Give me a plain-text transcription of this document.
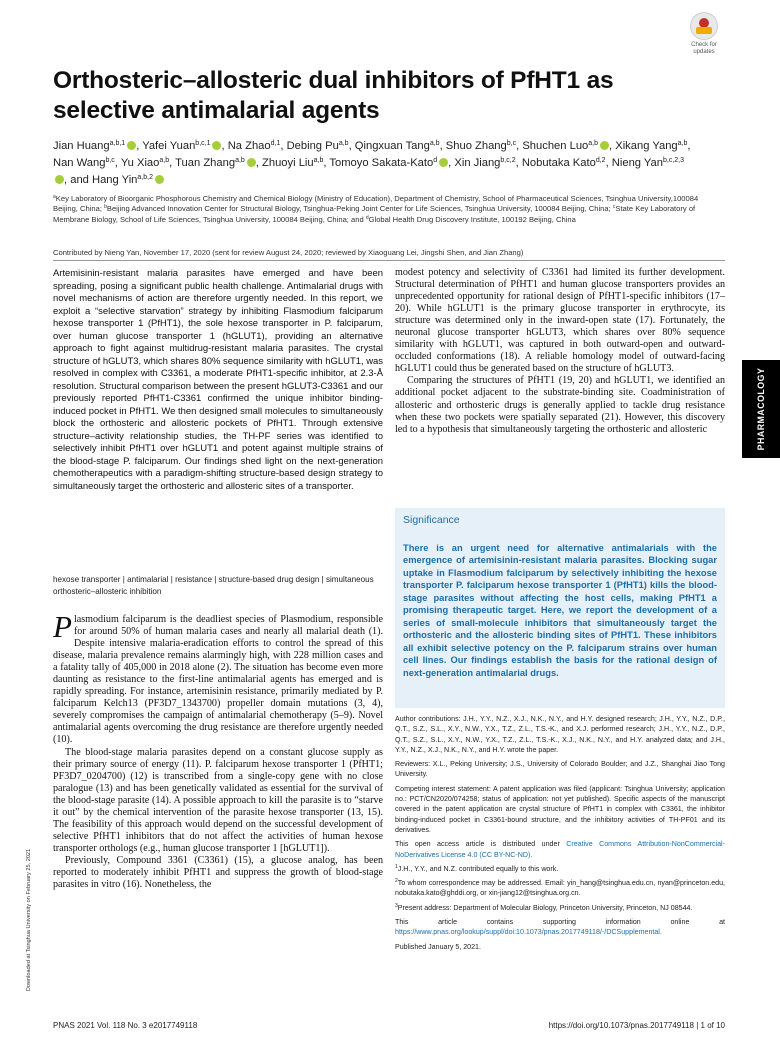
Check for updates
Orthosteric–allosteric dual inhibitors of PfHT1 as selective antimalarial agents
Jian Huang$^{a,b,1}$ , Yafei Yuan$^{b,c,1}$ , Na Zhao$^{d,1}$, Debing Pu$^{a,b}$, Qingxuan Tang$^{a,b}$, Shuo Zhang$^{b,c}$, Shuchen Luo$^{a,b}$ , Xikang Yang$^{a,b}$, Nan Wang$^{b,c}$, Yu Xiao$^{a,b}$, Tuan Zhang$^{a,b}$ , Zhuoyi Liu$^{a,b}$, Tomoyo Sakata-Kato$^d$ , Xin Jiang$^{b,c,2}$, Nobutaka Kato$^{d,2}$, Nieng Yan$^{b,c,2,3}$, and Hang Yin$^{a,b,2}$
$^a$Key Laboratory of Bioorganic Phosphorous Chemistry and Chemical Biology (Ministry of Education), Department of Chemistry, School of Pharmaceutical Sciences, Tsinghua University,100084 Beijing, China; $^b$Beijing Advanced Innovation Center for Structural Biology, Tsinghua-Peking Joint Center for Life Sciences, Tsinghua University, 100084 Beijing, China; $^c$State Key Laboratory of Membrane Biology, School of Life Sciences, Tsinghua University, 100084 Beijing, China; and $^d$Global Health Drug Discovery Institute, 100192 Beijing, China
Contributed by Nieng Yan, November 17, 2020 (sent for review August 24, 2020; reviewed by Xiaoguang Lei, Jingshi Shen, and Jian Zhang)

Artemisinin-resistant malaria parasites have emerged and have been spreading, posing a significant public health challenge. Antimalarial drugs with novel mechanisms of action are therefore urgently needed. In this report, we exploit a “selective starvation” strategy by inhibiting Flasmodium falciparum hexose transporter 1 (PfHT1), the sole hexose transporter in P. falciparum, over human glucose transporter 1 (hGLUT1), providing an alternative approach to fight against multidrug-resistant malaria parasites. The crystal structure of hGLUT3, which shares 80% sequence similarity with hGLUT1, was resolved in complex with C3361, a moderate PfHT1-specific inhibitor, at 2.3-Å resolution. Structural comparison between the present hGLUT3-C3361 and our previously reported PfHT1-C3361 confirmed the unique inhibitor binding-induced pocket in PfHT1. We then designed small molecules to simultaneously block the orthosteric and allosteric pockets of PfHT1. Through extensive structure–activity relationship studies, the TH-PF series was identified to selectively inhibit PfHT1 over hGLUT1 and potent against multiple strains of the blood-stage P. falciparum. Our findings shed light on the next-generation chemotherapeutics with a paradigm-shifting structure-based design strategy to simultaneously target the orthosteric and allosteric sites of a transporter.

hexose transporter | antimalarial | resistance | structure-based drug design | simultaneous orthosteric–allosteric inhibition

Plasmodium falciparum is the deadliest species of Plasmodium, responsible for around 50% of human malaria cases and nearly all malarial death (1). Despite intensive malaria-eradication efforts to control the spread of this disease, malaria prevalence remains alarmingly high, with 228 million cases and a fatality tally of 405,000 in 2018 alone (2). The situation has become even more daunting as resistance to the first-line antimalarial agents has emerged and is rapidly spreading. For instance, artemisinin resistance, primarily mediated by P. falciparum Kelch13 (PF3D7_1343700) propeller domain mutations (3, 4), severely compromises the campaign of antimalarial chemotherapy (5–9). Novel antimalarial agents overcoming the drug resistance are therefore urgently needed (10).

The blood-stage malaria parasites depend on a constant glucose supply as their primary source of energy (11). P. falciparum hexose transporter 1 (PfHT1; PF3D7_0204700) (12) is transcribed from a single-copy gene with no close paralogue (13) and has been genetically validated as essential for the survival of the blood-stage parasite (14). A possible approach to kill the parasite is to “starve it out” by the chemical intervention of the parasite hexose transporter (13, 15). The feasibility of this approach would depend on the successful development of selective PfHT1 inhibitors that do not affect the activities of human hexose transporter orthologs (e.g., human glucose transporter 1 [hGLUT1]).

Previously, Compound 3361 (C3361) (15), a glucose analog, has been reported to moderately inhibit PfHT1 and suppress the growth of blood-stage parasites in vitro (16). Nonetheless, the

modest potency and selectivity of C3361 had limited its further development. Structural determination of PfHT1 and human glucose transporters provides an unprecedented opportunity for rational design of PfHT1-specific inhibitors (17–20). While hGLUT1 is the primary glucose transporter in erythrocyte, its structure was determined only in the inward-open state (17). Fortunately, the neuronal glucose transporter hGLUT3, which shares over 80% sequence similarity with hGLUT1, was captured in both outward-open and outward-occluded conformations (18). A reliable homology model of outward-facing hGLUT1 could thus be generated based on the structure of hGLUT3.

Comparing the structures of PfHT1 (19, 20) and hGLUT1, we identified an additional pocket adjacent to the substrate-binding site. Coadministration of allosteric and orthosteric drugs is generally applied to tackle drug resistance when these two pockets were spatially separated (21). However, this discovery led to a hypothesis that simultaneously targeting the orthosteric and allosteric

Significance
There is an urgent need for alternative antimalarials with the emergence of artemisinin-resistant malaria parasites. Blocking sugar uptake in Flasmodium falciparum by selectively inhibiting the hexose transporter P. falciparum hexose transporter 1 (PfHT1) kills the blood-stage parasites without affecting the host cells, making PfHT1 a promising therapeutic target. Here, we report the development of a series of small-molecule inhibitors that simultaneously target the orthosteric and the allosteric binding sites of PfHT1. These inhibitors all exhibit selective potency on the P. falciparum strains over human cell lines. Our findings establish the basis for the rational design of next-generation antimalarial drugs.

Author contributions: J.H., Y.Y., N.Z., X.J., N.K., N.Y., and H.Y. designed research; J.H., Y.Y., N.Z., D.P., Q.T., S.Z., S.L., X.Y., N.W., Y.X., T.Z., Z.L., T.S.-K., and X.J. performed research; J.H., Y.Y., N.Z., D.P., Q.T., S.Z., S.L., X.Y., N.W., Y.X., T.Z., Z.L., T.S.-K., X.J., N.K., N.Y., and H.Y. analyzed data; and J.H., Y.Y., N.Z., X.J., N.K., N.Y., and H.Y. wrote the paper.

Reviewers: X.L., Peking University; J.S., University of Colorado Boulder; and J.Z., Shanghai Jiao Tong University.

Competing interest statement: A patent application was filed (applicant: Tsinghua University; application no.: PCT/CN2020/074258; status of application: not yet published). Specific aspects of the manuscript covered in the patent application are crystal structure of PfHT1 in complex with C3361, the inhibitor binding-induced pocket in C3361-bound structure, and the inhibitory activities of TH-PF01 and its derivatives.

This open access article is distributed under Creative Commons Attribution-NonCommercial-NoDerivatives License 4.0 (CC BY-NC-ND).

$^1$J.H., Y.Y., and N.Z. contributed equally to this work.

$^2$To whom correspondence may be addressed. Email: yin_hang@tsinghua.edu.cn, nyan@princeton.edu, nobutaka.kato@ghddi.org, or xin-jiang12@tsinghua.org.cn.

$^3$Present address: Department of Molecular Biology, Princeton University, Princeton, NJ 08544.

This article contains supporting information online at https://www.pnas.org/lookup/suppl/doi:10.1073/pnas.2017749118/-/DCSupplemental.

Published January 5, 2021.

PHARMACOLOGY
Downloaded at Tsinghua University on February 25, 2021
PNAS 2021 Vol. 118 No. 3 e2017749118	https://doi.org/10.1073/pnas.2017749118 | 1 of 10
